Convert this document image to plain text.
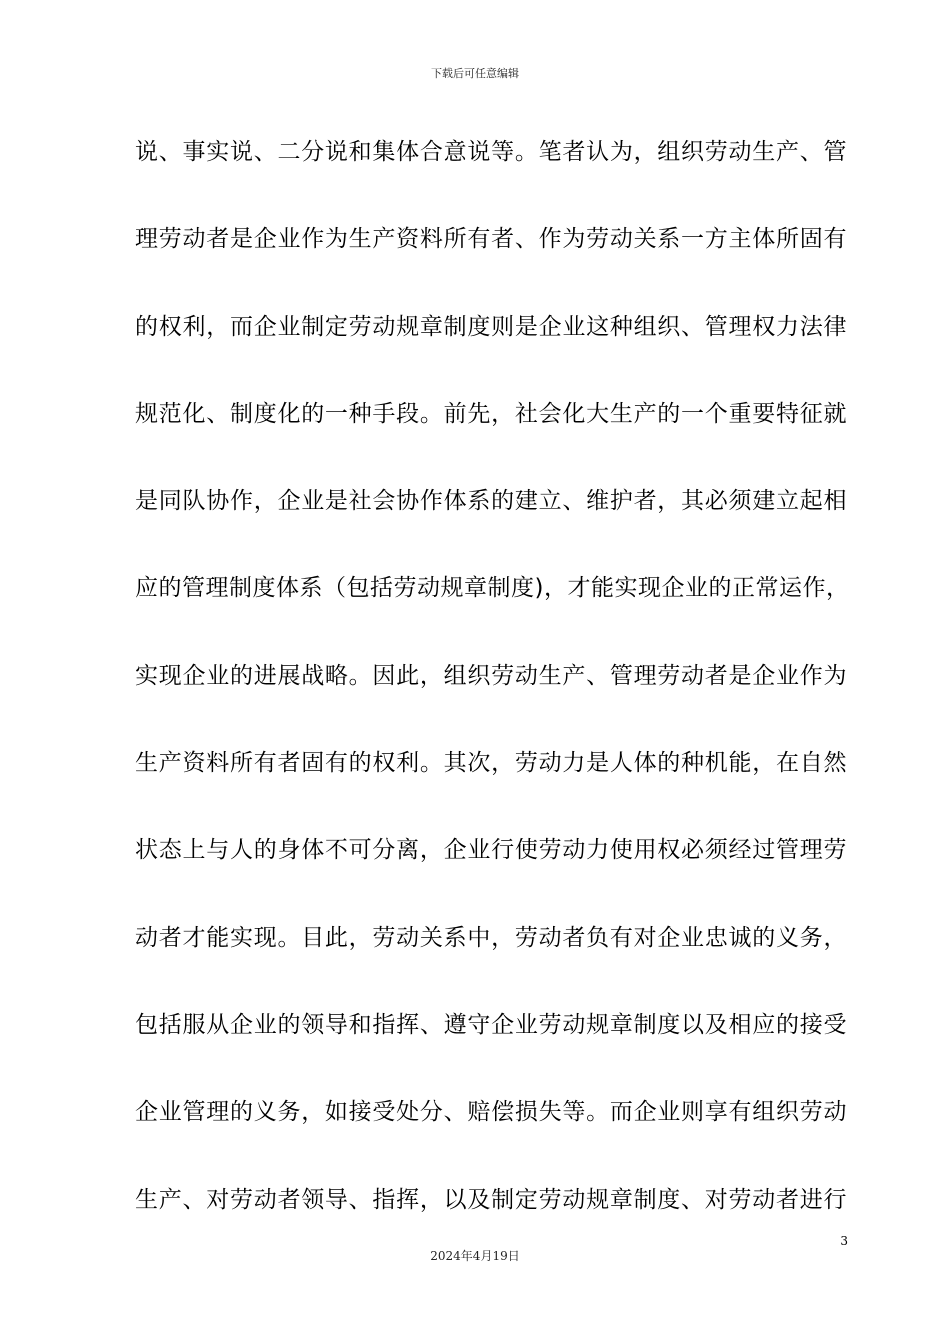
下载后可任意编辑
说、事实说、二分说和集体合意说等。笔者认为，组织劳动生产、管
理劳动者是企业作为生产资料所有者、作为劳动关系一方主体所固有
的权利，而企业制定劳动规章制度则是企业这种组织、管理权力法律
规范化、制度化的一种手段。前先，社会化大生产的一个重要特征就
是同队协作，企业是社会协作体系的建立、维护者，其必须建立起相
应的管理制度体系（包括劳动规章制度)，才能实现企业的正常运作，
实现企业的进展战略。因此，组织劳动生产、管理劳动者是企业作为
生产资料所有者固有的权利。其次，劳动力是人体的种机能，在自然
状态上与人的身体不可分离，企业行使劳动力使用权必须经过管理劳
动者才能实现。目此，劳动关系中，劳动者负有对企业忠诚的义务，
包括服从企业的领导和指挥、遵守企业劳动规章制度以及相应的接受
企业管理的义务，如接受处分、赔偿损失等。而企业则享有组织劳动
生产、对劳动者领导、指挥，以及制定劳动规章制度、对劳动者进行
3
2024年4月19日
